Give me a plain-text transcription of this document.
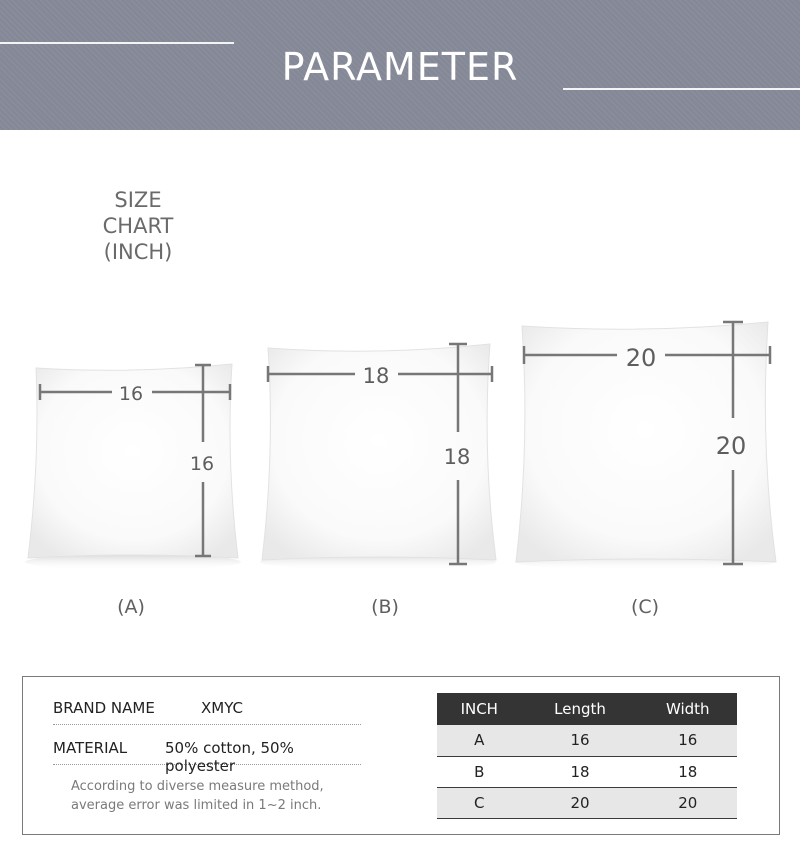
PARAMETER
SIZE CHART
(INCH)
16
16
(A)
18
18
(B)
20
20
(C)
BRAND NAME	XMYC
MATERIAL	50% cotton, 50% polyester
According to diverse measure method,
average error was limited in 1~2 inch.
INCH	Length	Width
A	16	16
B	18	18
C	20	20
